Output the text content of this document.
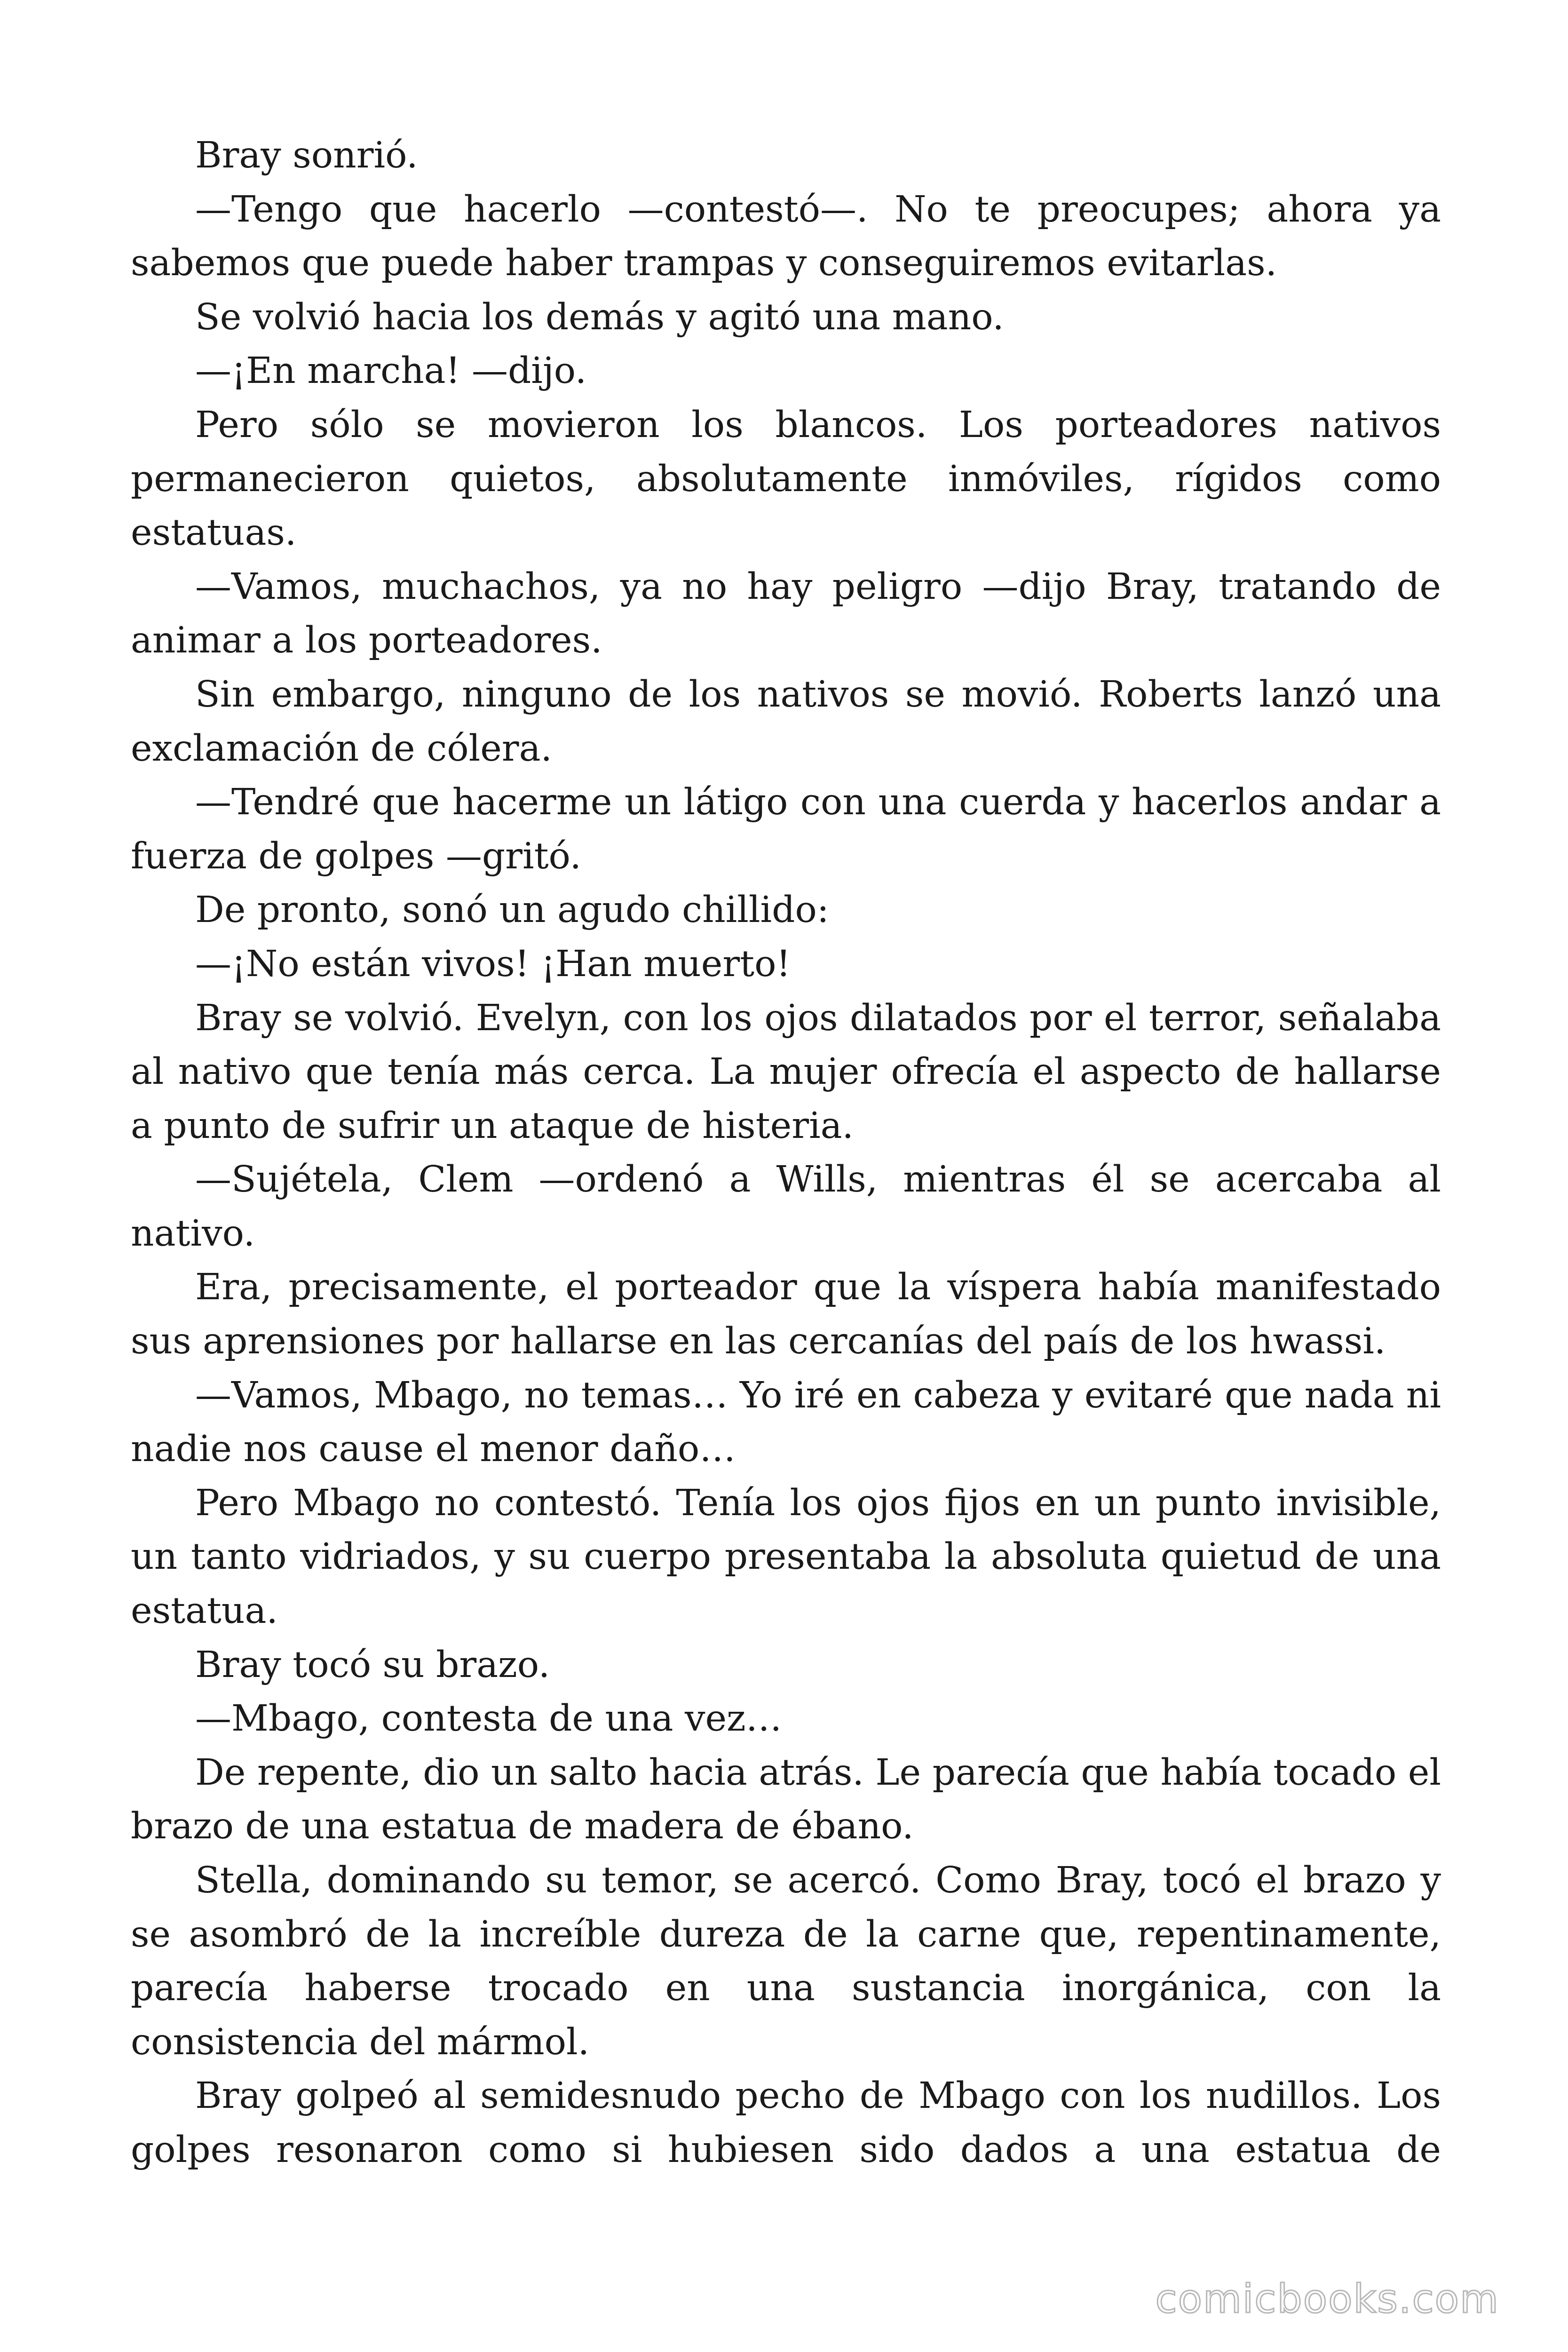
Bray sonrió.

—Tengo que hacerlo —contestó—. No te preocupes; ahora ya sabemos que puede haber trampas y conseguiremos evitarlas.

Se volvió hacia los demás y agitó una mano.

—¡En marcha! —dijo.

Pero sólo se movieron los blancos. Los porteadores nativos permanecieron quietos, absolutamente inmóviles, rígidos como estatuas.

—Vamos, muchachos, ya no hay peligro —dijo Bray, tratando de animar a los porteadores.

Sin embargo, ninguno de los nativos se movió. Roberts lanzó una exclamación de cólera.

—Tendré que hacerme un látigo con una cuerda y hacerlos andar a fuerza de golpes —gritó.

De pronto, sonó un agudo chillido:

—¡No están vivos! ¡Han muerto!

Bray se volvió. Evelyn, con los ojos dilatados por el terror, señalaba al nativo que tenía más cerca. La mujer ofrecía el aspecto de hallarse a punto de sufrir un ataque de histeria.

—Sujételа, Clem —ordenó a Wills, mientras él se acercaba al nativo.

Era, precisamente, el porteador que la víspera había manifestado sus aprensiones por hallarse en las cercanías del país de los hwassi.

—Vamos, Mbago, no temas… Yo iré en cabeza y evitaré que nada ni nadie nos cause el menor daño…

Pero Mbago no contestó. Tenía los ojos fijos en un punto invisible, un tanto vidriados, y su cuerpo presentaba la absoluta quietud de una estatua.

Bray tocó su brazo.

—Mbago, contesta de una vez…

De repente, dio un salto hacia atrás. Le parecía que había tocado el brazo de una estatua de madera de ébano.

Stella, dominando su temor, se acercó. Como Bray, tocó el brazo y se asombró de la increíble dureza de la carne que, repentinamente, parecía haberse trocado en una sustancia inorgánica, con la consistencia del mármol.

Bray golpeó al semidesnudo pecho de Mbago con los nudillos. Los golpes resonaron como si hubiesen sido dados a una estatua de

comicbooks.com
